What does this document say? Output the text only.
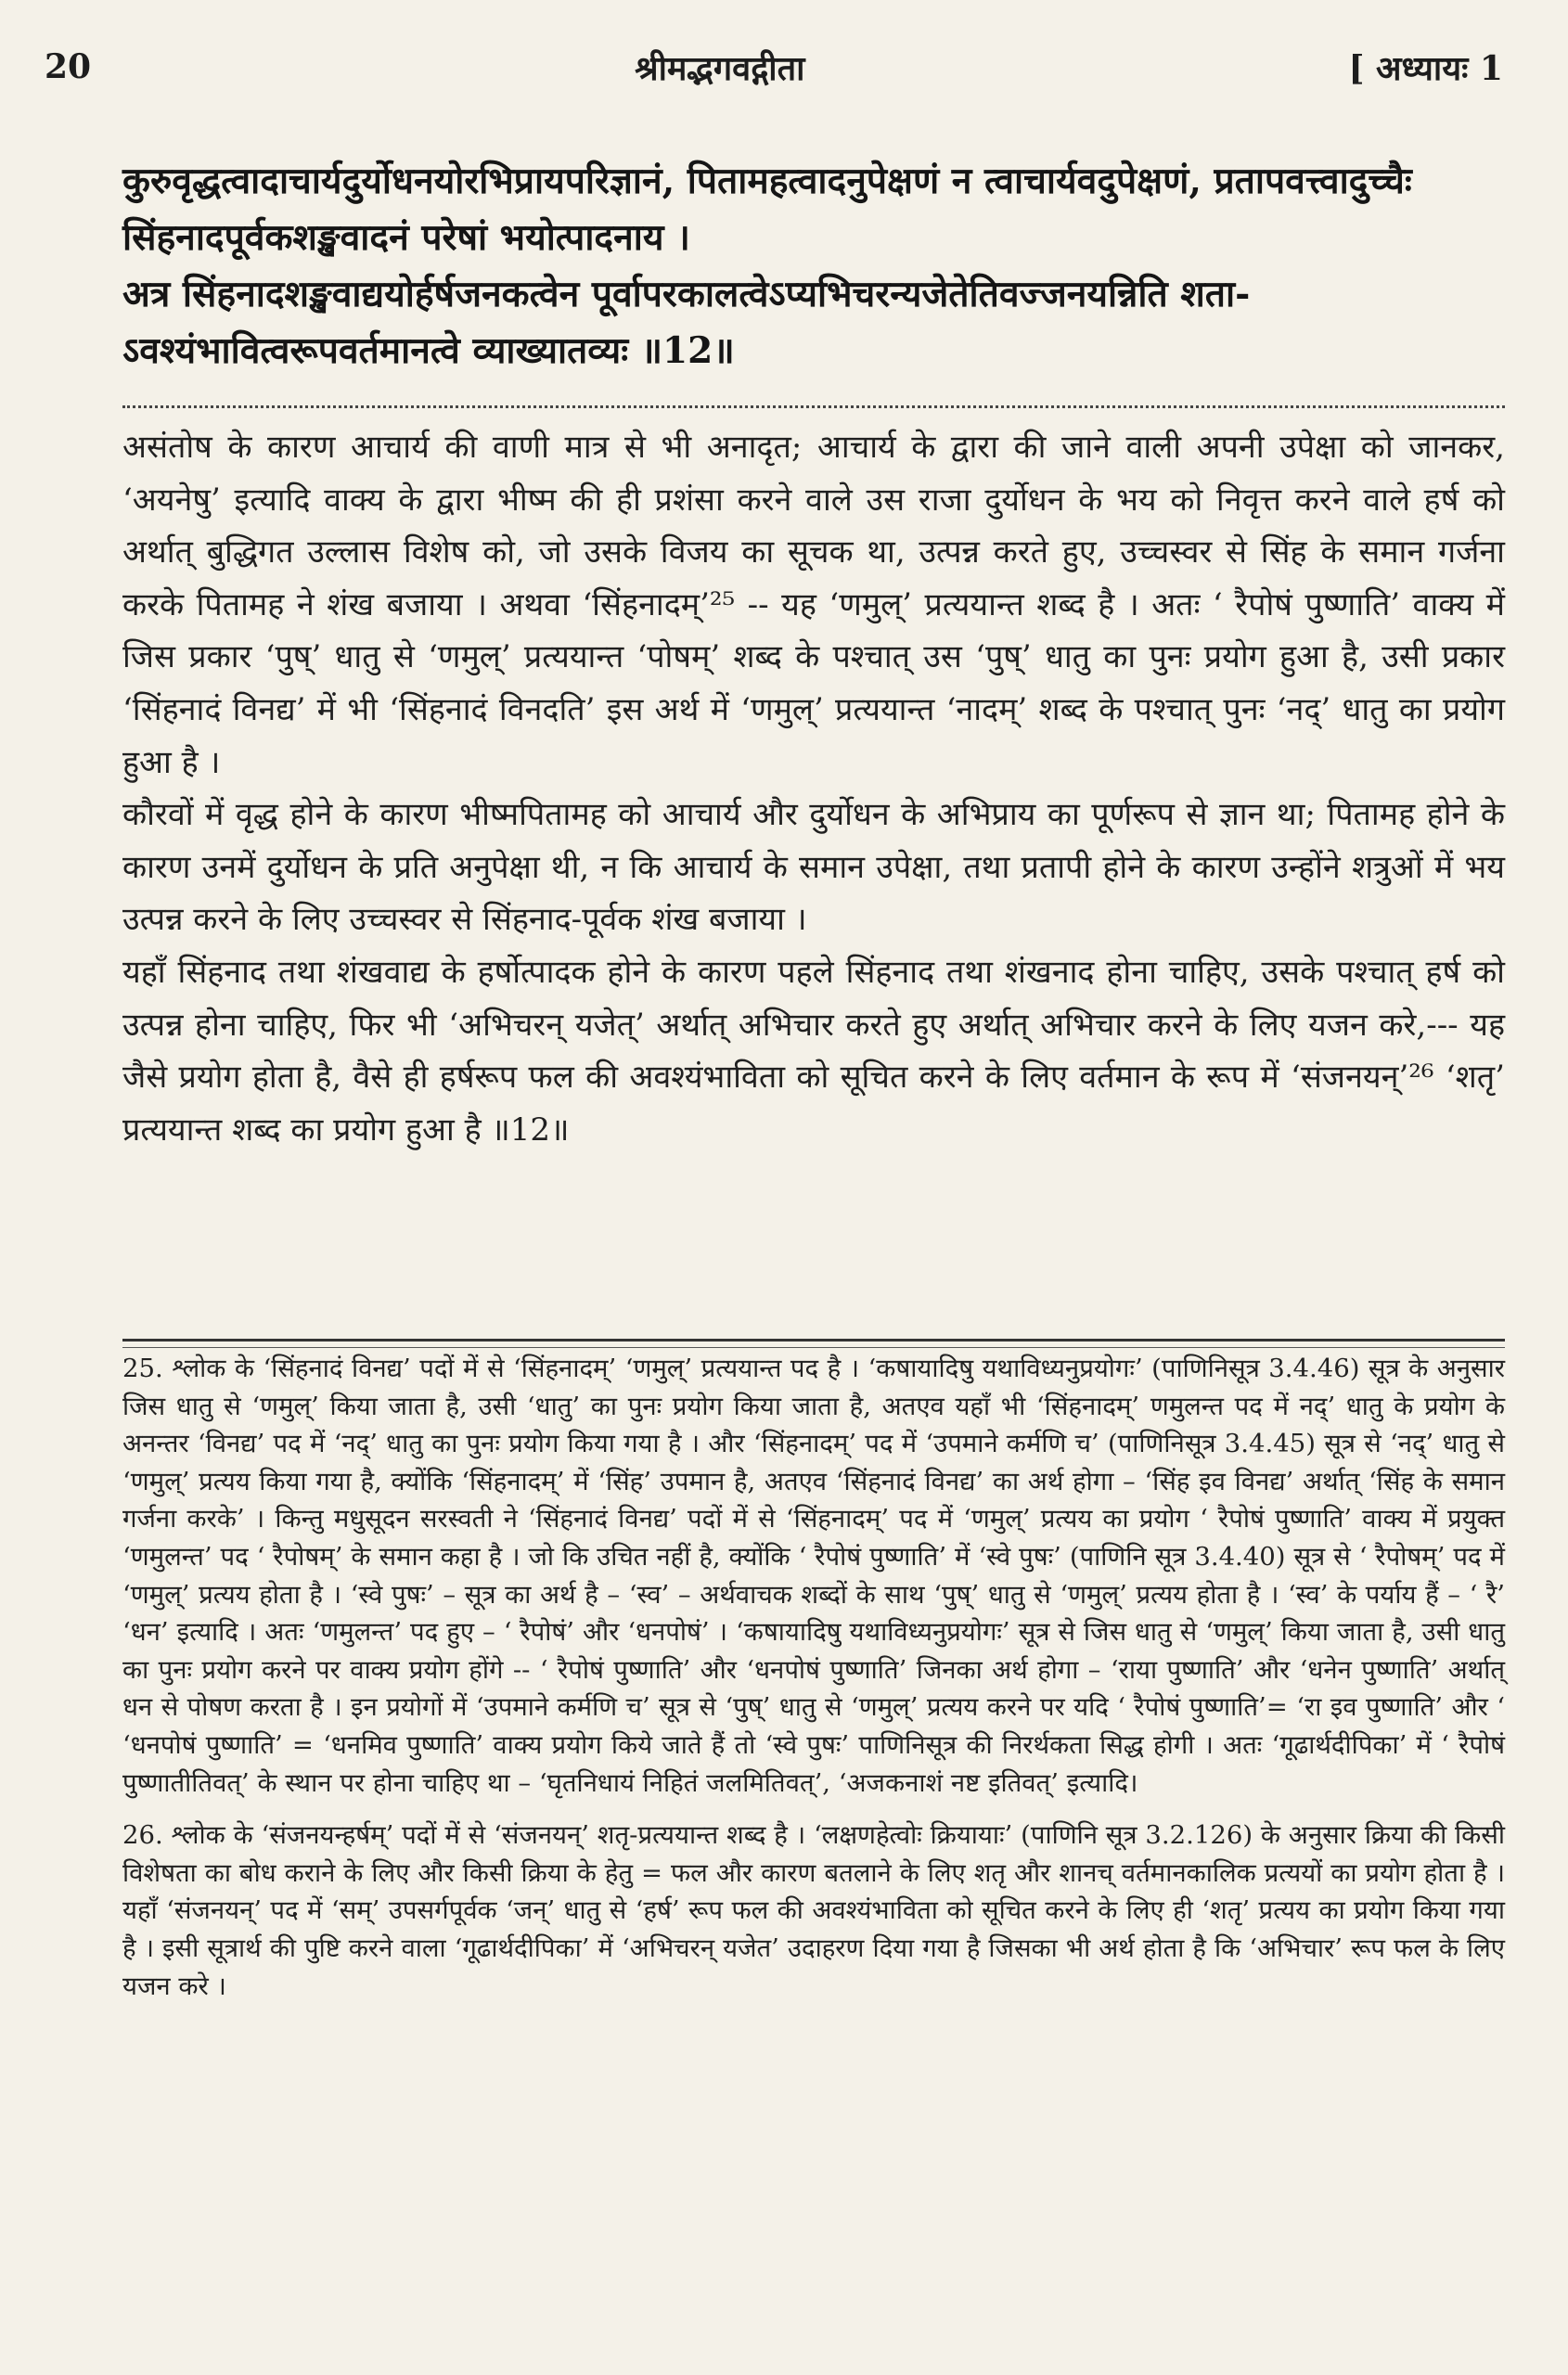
20	श्रीमद्भगवद्गीता	[ अध्यायः 1

कुरुवृद्धत्वादाचार्यदुर्योधनयोरभिप्रायपरिज्ञानं, पितामहत्वादनुपेक्षणं न त्वाचार्यवदुपेक्षणं, प्रतापवत्त्वादुच्चैः सिंहनादपूर्वकशङ्खवादनं परेषां भयोत्पादनाय ।

अत्र सिंहनादशङ्खवाद्ययोर्हर्षजनकत्वेन पूर्वापरकालत्वेऽप्यभिचरन्यजेतेतिवज्जनयन्निति शता-ऽवश्यंभावित्वरूपवर्तमानत्वे व्याख्यातव्यः ॥12॥

असंतोष के कारण आचार्य की वाणी मात्र से भी अनादृत; आचार्य के द्वारा की जाने वाली अपनी उपेक्षा को जानकर, ‘अयनेषु’ इत्यादि वाक्य के द्वारा भीष्म की ही प्रशंसा करने वाले उस राजा दुर्योधन के भय को निवृत्त करने वाले हर्ष को अर्थात् बुद्धिगत उल्लास विशेष को, जो उसके विजय का सूचक था, उत्पन्न करते हुए, उच्चस्वर से सिंह के समान गर्जना करके पितामह ने शंख बजाया । अथवा ‘सिंहनादम्’²⁵ -- यह ‘णमुल्’ प्रत्ययान्त शब्द है । अतः ‘ रैपोषं पुष्णाति’ वाक्य में जिस प्रकार ‘पुष्’ धातु से ‘णमुल्’ प्रत्ययान्त ‘पोषम्’ शब्द के पश्चात् उस ‘पुष्’ धातु का पुनः प्रयोग हुआ है, उसी प्रकार ‘सिंहनादं विनद्य’ में भी ‘सिंहनादं विनदति’ इस अर्थ में ‘णमुल्’ प्रत्ययान्त ‘नादम्’ शब्द के पश्चात् पुनः ‘नद्’ धातु का प्रयोग हुआ है ।

कौरवों में वृद्ध होने के कारण भीष्मपितामह को आचार्य और दुर्योधन के अभिप्राय का पूर्णरूप से ज्ञान था; पितामह होने के कारण उनमें दुर्योधन के प्रति अनुपेक्षा थी, न कि आचार्य के समान उपेक्षा, तथा प्रतापी होने के कारण उन्होंने शत्रुओं में भय उत्पन्न करने के लिए उच्चस्वर से सिंहनाद-पूर्वक शंख बजाया ।

यहाँ सिंहनाद तथा शंखवाद्य के हर्षोत्पादक होने के कारण पहले सिंहनाद तथा शंखनाद होना चाहिए, उसके पश्चात् हर्ष को उत्पन्न होना चाहिए, फिर भी ‘अभिचरन् यजेत्’ अर्थात् अभिचार करते हुए अर्थात् अभिचार करने के लिए यजन करे,--- यह जैसे प्रयोग होता है, वैसे ही हर्षरूप फल की अवश्यंभाविता को सूचित करने के लिए वर्तमान के रूप में ‘संजनयन्’²⁶ ‘शतृ’ प्रत्ययान्त शब्द का प्रयोग हुआ है ॥12॥

25. श्लोक के ‘सिंहनादं विनद्य’ पदों में से ‘सिंहनादम्’ ‘णमुल्’ प्रत्ययान्त पद है । ‘कषायादिषु यथाविध्यनुप्रयोगः’ (पाणिनिसूत्र 3.4.46) सूत्र के अनुसार जिस धातु से ‘णमुल्’ किया जाता है, उसी ‘धातु’ का पुनः प्रयोग किया जाता है, अतएव यहाँ भी ‘सिंहनादम्’ णमुलन्त पद में नद्’ धातु के प्रयोग के अनन्तर ‘विनद्य’ पद में ‘नद्’ धातु का पुनः प्रयोग किया गया है । और ‘सिंहनादम्’ पद में ‘उपमाने कर्मणि च’ (पाणिनिसूत्र 3.4.45) सूत्र से ‘नद्’ धातु से ‘णमुल्’ प्रत्यय किया गया है, क्योंकि ‘सिंहनादम्’ में ‘सिंह’ उपमान है, अतएव ‘सिंहनादं विनद्य’ का अर्थ होगा – ‘सिंह इव विनद्य’ अर्थात् ‘सिंह के समान गर्जना करके’ । किन्तु मधुसूदन सरस्वती ने ‘सिंहनादं विनद्य’ पदों में से ‘सिंहनादम्’ पद में ‘णमुल्’ प्रत्यय का प्रयोग ‘ रैपोषं पुष्णाति’ वाक्य में प्रयुक्त ‘णमुलन्त’ पद ‘ रैपोषम्’ के समान कहा है । जो कि उचित नहीं है, क्योंकि ‘ रैपोषं पुष्णाति’ में ‘स्वे पुषः’ (पाणिनि सूत्र 3.4.40) सूत्र से ‘ रैपोषम्’ पद में ‘णमुल्’ प्रत्यय होता है । ‘स्वे पुषः’ – सूत्र का अर्थ है – ‘स्व’ – अर्थवाचक शब्दों के साथ ‘पुष्’ धातु से ‘णमुल्’ प्रत्यय होता है । ‘स्व’ के पर्याय हैं – ‘ रै’ ‘धन’ इत्यादि । अतः ‘णमुलन्त’ पद हुए – ‘ रैपोषं’ और ‘धनपोषं’ । ‘कषायादिषु यथाविध्यनुप्रयोगः’ सूत्र से जिस धातु से ‘णमुल्’ किया जाता है, उसी धातु का पुनः प्रयोग करने पर वाक्य प्रयोग होंगे -- ‘ रैपोषं पुष्णाति’ और ‘धनपोषं पुष्णाति’ जिनका अर्थ होगा – ‘राया पुष्णाति’ और ‘धनेन पुष्णाति’ अर्थात् धन से पोषण करता है । इन प्रयोगों में ‘उपमाने कर्मणि च’ सूत्र से ‘पुष्’ धातु से ‘णमुल्’ प्रत्यय करने पर यदि ‘ रैपोषं पुष्णाति’= ‘रा इव पुष्णाति’ और ‘ ‘धनपोषं पुष्णाति’ = ‘धनमिव पुष्णाति’ वाक्य प्रयोग किये जाते हैं तो ‘स्वे पुषः’ पाणिनिसूत्र की निरर्थकता सिद्ध होगी । अतः ‘गूढार्थदीपिका’ में ‘ रैपोषं पुष्णातीतिवत्’ के स्थान पर होना चाहिए था – ‘घृतनिधायं निहितं जलमितिवत्’, ‘अजकनाशं नष्ट इतिवत्’ इत्यादि।

26. श्लोक के ‘संजनयन्हर्षम्’ पदों में से ‘संजनयन्’ शतृ-प्रत्ययान्त शब्द है । ‘लक्षणहेत्वोः क्रियायाः’ (पाणिनि सूत्र 3.2.126) के अनुसार क्रिया की किसी विशेषता का बोध कराने के लिए और किसी क्रिया के हेतु = फल और कारण बतलाने के लिए शतृ और शानच् वर्तमानकालिक प्रत्ययों का प्रयोग होता है । यहाँ ‘संजनयन्’ पद में ‘सम्’ उपसर्गपूर्वक ‘जन्’ धातु से ‘हर्ष’ रूप फल की अवश्यंभाविता को सूचित करने के लिए ही ‘शतृ’ प्रत्यय का प्रयोग किया गया है । इसी सूत्रार्थ की पुष्टि करने वाला ‘गूढार्थदीपिका’ में ‘अभिचरन् यजेत’ उदाहरण दिया गया है जिसका भी अर्थ होता है कि ‘अभिचार’ रूप फल के लिए यजन करे ।
